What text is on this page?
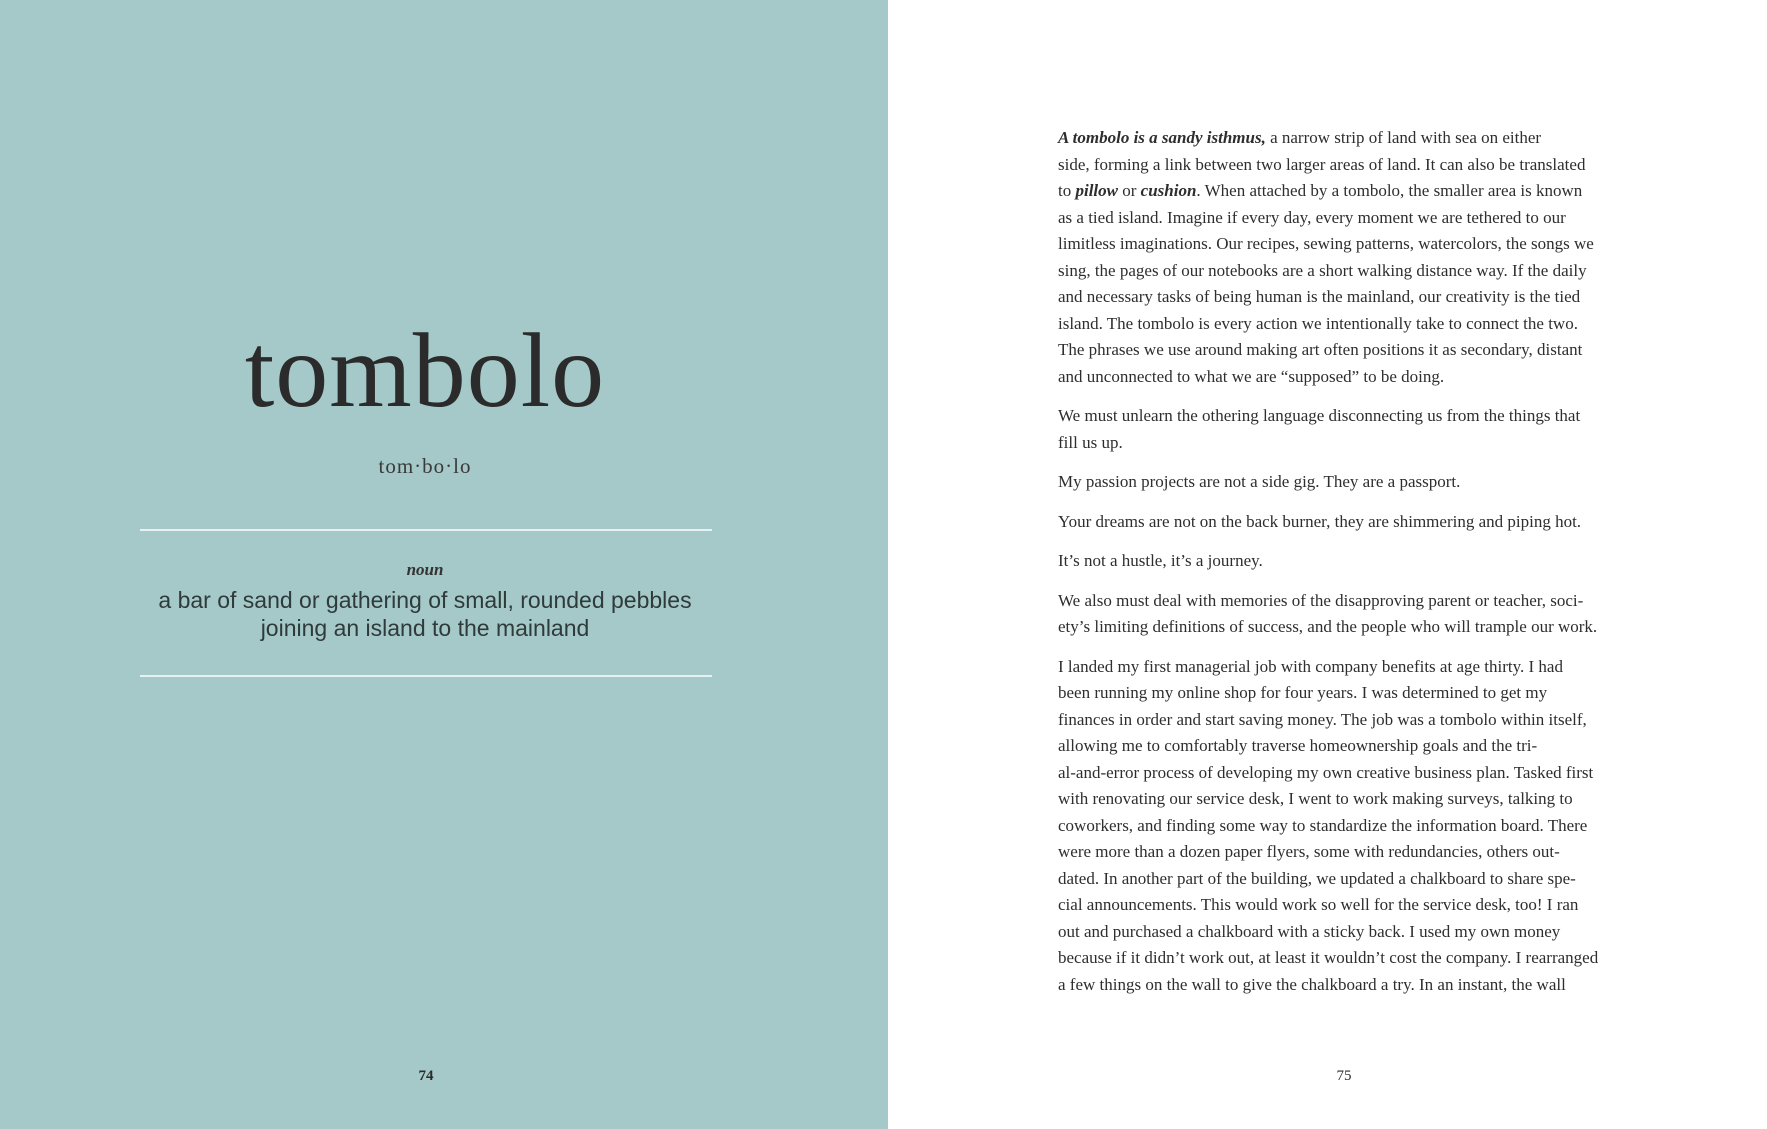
tombolo
tom·bo·lo
noun
a bar of sand or gathering of small, rounded pebbles
joining an island to the mainland
74
A tombolo is a sandy isthmus, a narrow strip of land with sea on either
side, forming a link between two larger areas of land. It can also be translated
to pillow or cushion. When attached by a tombolo, the smaller area is known
as a tied island. Imagine if every day, every moment we are tethered to our
limitless imaginations. Our recipes, sewing patterns, watercolors, the songs we
sing, the pages of our notebooks are a short walking distance way. If the daily
and necessary tasks of being human is the mainland, our creativity is the tied
island. The tombolo is every action we intentionally take to connect the two.
The phrases we use around making art often positions it as secondary, distant
and unconnected to what we are “supposed” to be doing.
We must unlearn the othering language disconnecting us from the things that
fill us up.
My passion projects are not a side gig. They are a passport.
Your dreams are not on the back burner, they are shimmering and piping hot.
It’s not a hustle, it’s a journey.
We also must deal with memories of the disapproving parent or teacher, soci-
ety’s limiting definitions of success, and the people who will trample our work.
I landed my first managerial job with company benefits at age thirty. I had
been running my online shop for four years. I was determined to get my
finances in order and start saving money. The job was a tombolo within itself,
allowing me to comfortably traverse homeownership goals and the tri-
al-and-error process of developing my own creative business plan. Tasked first
with renovating our service desk, I went to work making surveys, talking to
coworkers, and finding some way to standardize the information board. There
were more than a dozen paper flyers, some with redundancies, others out-
dated. In another part of the building, we updated a chalkboard to share spe-
cial announcements. This would work so well for the service desk, too! I ran
out and purchased a chalkboard with a sticky back. I used my own money
because if it didn’t work out, at least it wouldn’t cost the company. I rearranged
a few things on the wall to give the chalkboard a try. In an instant, the wall
75
